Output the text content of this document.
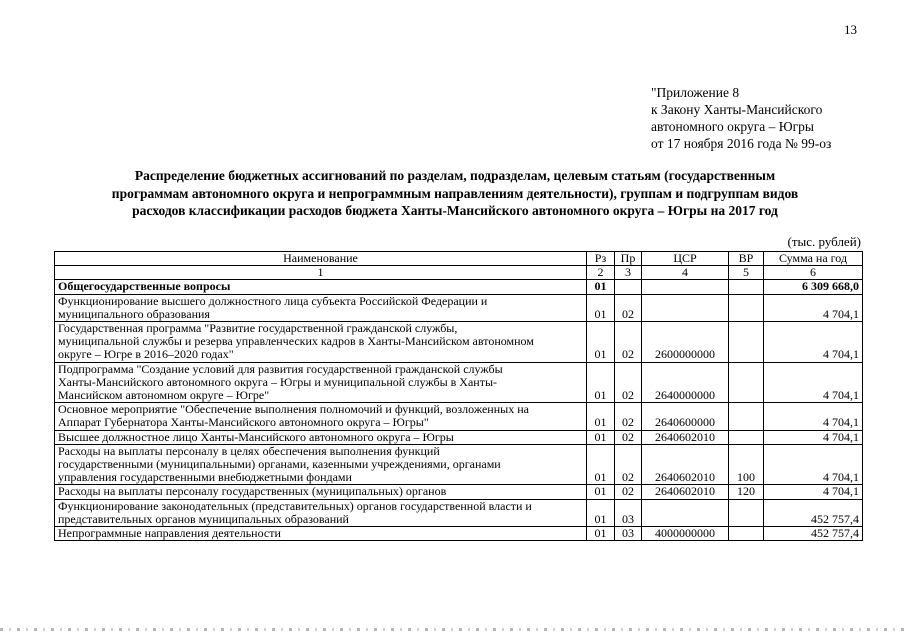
13
"Приложение 8
к Закону Ханты-Мансийского
автономного округа – Югры
от 17 ноября 2016 года № 99-оз
Распределение бюджетных ассигнований по разделам, подразделам, целевым статьям (государственным
программам автономного округа и непрограммным направлениям деятельности), группам и подгруппам видов
расходов классификации расходов бюджета Ханты-Мансийского автономного округа – Югры на 2017 год
(тыс. рублей)
Наименование	Рз	Пр	ЦСР	ВР	Сумма на год
1	2	3	4	5	6

Общегосударственные вопросы	01				6 309 668,0

Функционирование высшего должностного лица субъекта Российской Федерации и
муниципального образования	01	02			4 704,1

Государственная программа "Развитие государственной гражданской службы,
муниципальной службы и резерва управленческих кадров в Ханты-Мансийском автономном
округе – Югре в 2016–2020 годах"	01	02	2600000000		4 704,1

Подпрограмма "Создание условий для развития государственной гражданской службы
Ханты-Мансийского автономного округа – Югры и муниципальной службы в Ханты-
Мансийском автономном округе – Югре"	01	02	2640000000		4 704,1

Основное мероприятие "Обеспечение выполнения полномочий и функций, возложенных на
Аппарат Губернатора Ханты-Мансийского автономного округа – Югры"	01	02	2640600000		4 704,1

Высшее должностное лицо Ханты-Мансийского автономного округа – Югры	01	02	2640602010		4 704,1

Расходы на выплаты персоналу в целях обеспечения выполнения функций
государственными (муниципальными) органами, казенными учреждениями, органами
управления государственными внебюджетными фондами	01	02	2640602010	100	4 704,1

Расходы на выплаты персоналу государственных (муниципальных) органов	01	02	2640602010	120	4 704,1

Функционирование законодательных (представительных) органов государственной власти и
представительных органов муниципальных образований	01	03			452 757,4

Непрограммные направления деятельности	01	03	4000000000		452 757,4
